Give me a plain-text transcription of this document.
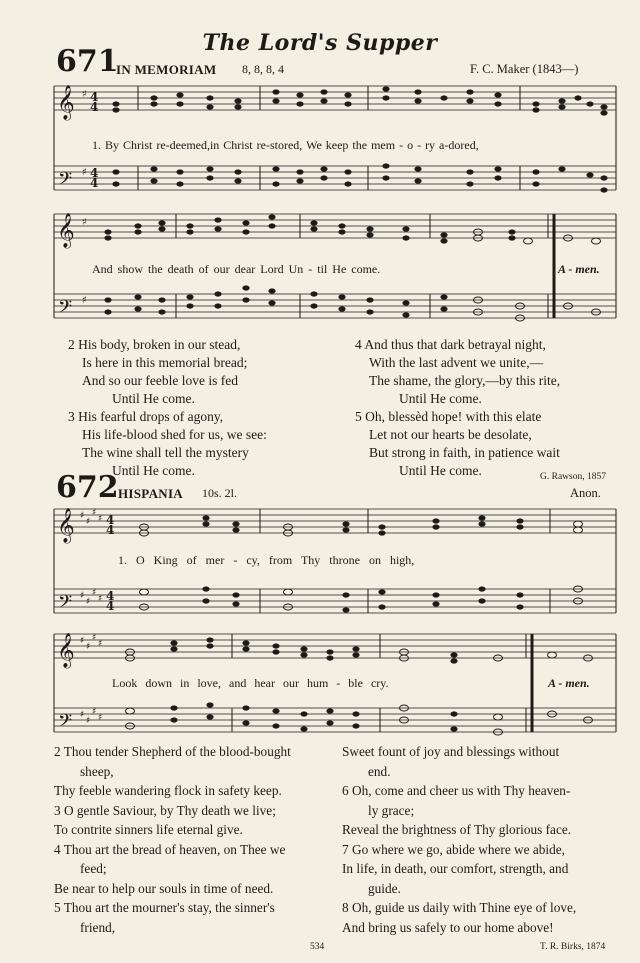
The Lord's Supper
671
IN MEMORIAM 8, 8, 8, 4	F. C. Maker (1843—)
𝄞 ♯ 4
4
𝄢 ♯ 4
4
1. By Christ re-deemed,in Christ re-stored, We keep the mem - o - ry a-dored,
𝄞 ♯
𝄢 ♯
And show the death of our dear Lord Un - til He come.	A - men.
2 His body, broken in our stead,
Is here in this memorial bread;
And so our feeble love is fed
Until He come.
3 His fearful drops of agony,
His life-blood shed for us, we see:
The wine shall tell the mystery
Until He come.
4 And thus that dark betrayal night,
With the last advent we unite,—
The shame, the glory,—by this rite,
Until He come.
5 Oh, blessèd hope! with this elate
Let not our hearts be desolate,
But strong in faith, in patience wait
Until He come.	G. Rawson, 1857
672 HISPANIA 10s. 2l.	Anon.
𝄞 ♯
♯
♯
♯ 4
4
𝄢 ♯
♯
♯
♯ 4
4
1. O King of mer - cy, from Thy throne on high,
𝄞 ♯
♯
♯
♯
𝄢 ♯
♯
♯
♯
Look down in love, and hear our hum - ble cry.	A - men.
2 Thou tender Shepherd of the blood-bought
sheep,
Thy feeble wandering flock in safety keep.
3 O gentle Saviour, by Thy death we live;
To contrite sinners life eternal give.
4 Thou art the bread of heaven, on Thee we
feed;
Be near to help our souls in time of need.
5 Thou art the mourner's stay, the sinner's
friend,
Sweet fount of joy and blessings without
end.
6 Oh, come and cheer us with Thy heaven-
ly grace;
Reveal the brightness of Thy glorious face.
7 Go where we go, abide where we abide,
In life, in death, our comfort, strength, and
guide.
8 Oh, guide us daily with Thine eye of love,
And bring us safely to our home above!
534	T. R. Birks, 1874
